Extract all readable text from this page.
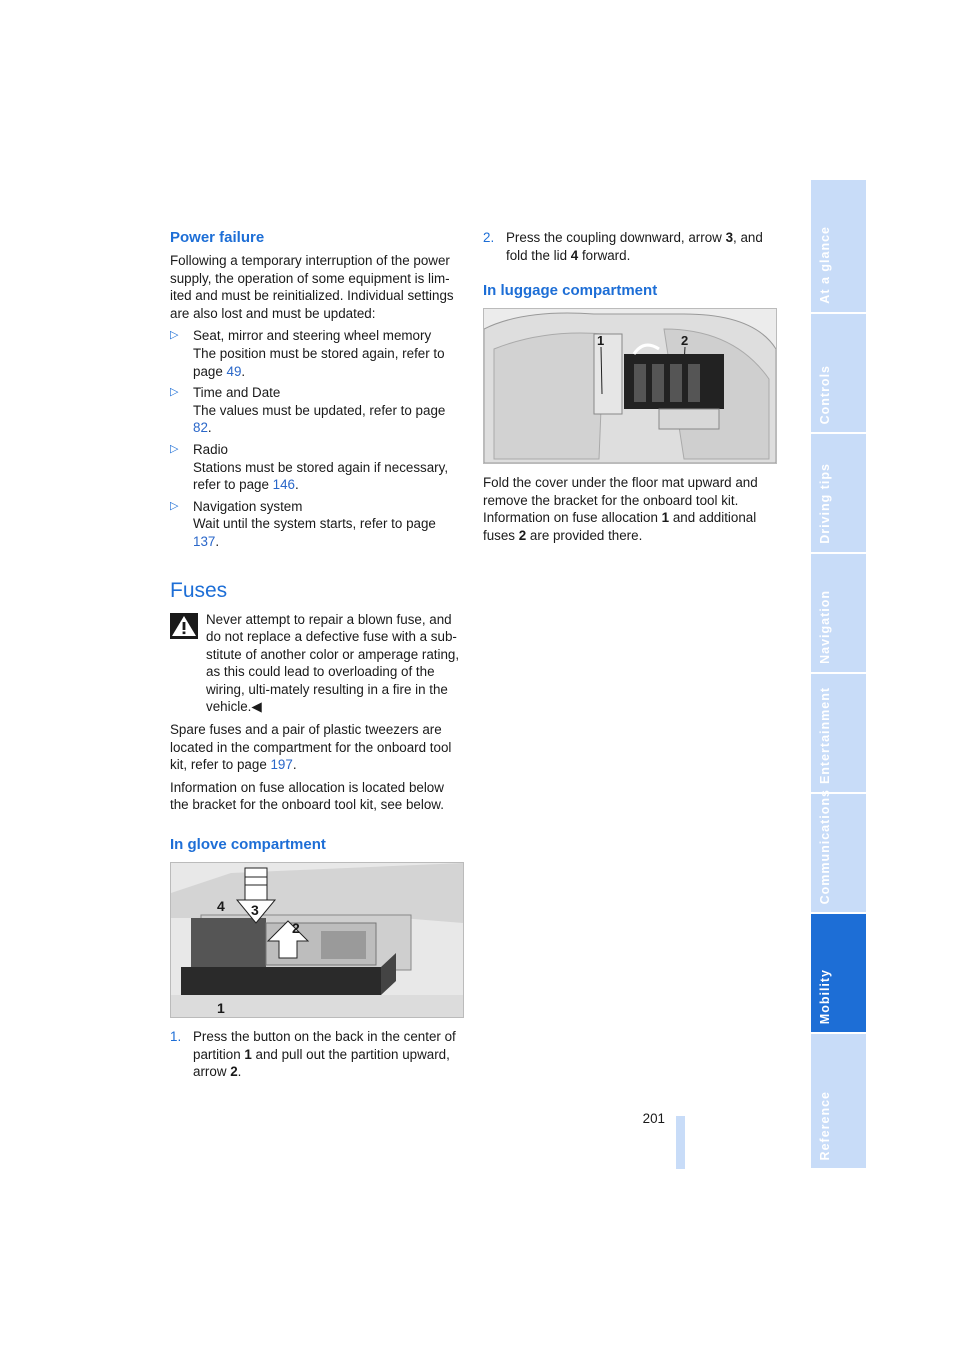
Power failure

Following a temporary interruption of the power supply, the operation of some equipment is lim-ited and must be reinitialized. Individual settings are also lost and must be updated:

▷	Seat, mirror and steering wheel memory
The position must be stored again, refer to page 49.
▷	Time and Date
The values must be updated, refer to page 82.
▷	Radio
Stations must be stored again if necessary, refer to page 146.
▷	Navigation system
Wait until the system starts, refer to page 137.
Fuses
Never attempt to repair a blown fuse, and do not replace a defective fuse with a sub-stitute of another color or amperage rating, as this could lead to overloading of the wiring, ulti-mately resulting in a fire in the vehicle.◀

Spare fuses and a pair of plastic tweezers are located in the compartment for the onboard tool kit, refer to page 197.

Information on fuse allocation is located below the bracket for the onboard tool kit, see below.

In glove compartment
4 3
2
1
1. Press the button on the back in the center of partition 1 and pull out the partition upward, arrow 2.
2. Press the coupling downward, arrow 3, and fold the lid 4 forward.
In luggage compartment
1	2

Fold the cover under the floor mat upward and remove the bracket for the onboard tool kit. Information on fuse allocation 1 and additional fuses 2 are provided there.

At a glance
Controls
Driving tips
Navigation
Entertainment
Communications
Mobility
Reference
201
